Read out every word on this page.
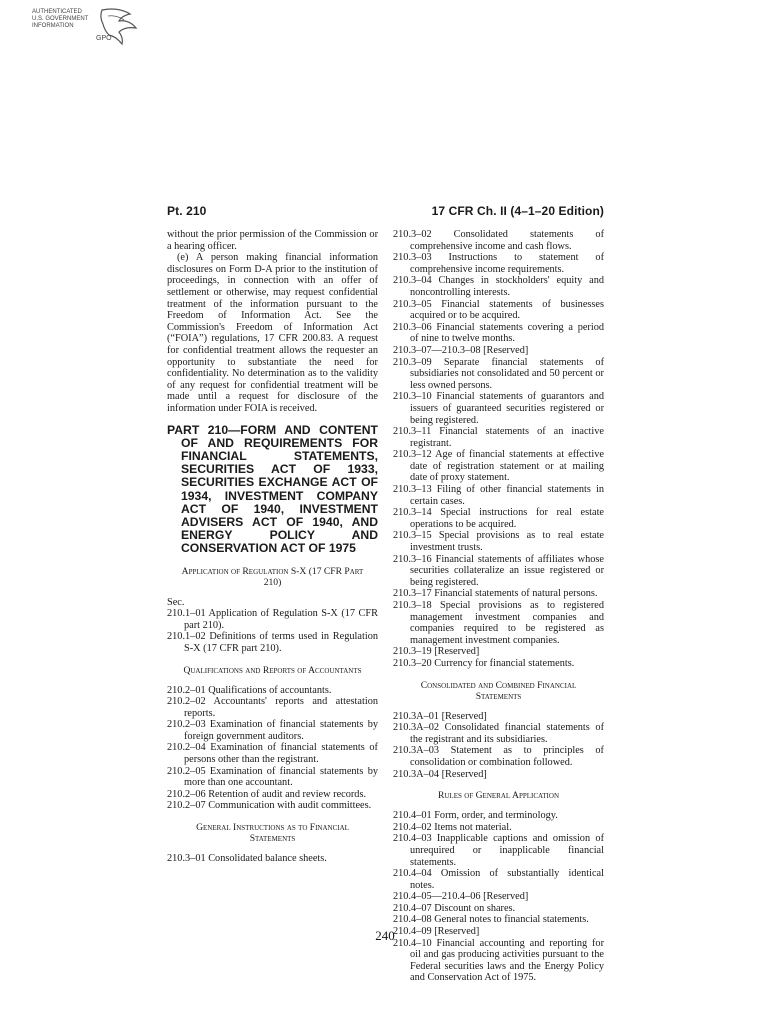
AUTHENTICATED
U.S. GOVERNMENT
INFORMATION
GPO
Pt. 210	17 CFR Ch. II (4–1–20 Edition)

without the prior permission of the Commission or a hearing officer.

(e) A person making financial information disclosures on Form D-A prior to the institution of proceedings, in connection with an offer of settlement or otherwise, may request confidential treatment of the information pursuant to the Freedom of Information Act. See the Commission's Freedom of Information Act (“FOIA”) regulations, 17 CFR 200.83. A request for confidential treatment allows the requester an opportunity to substantiate the need for confidentiality. No determination as to the validity of any request for confidential treatment will be made until a request for disclosure of the information under FOIA is received.

PART 210—FORM AND CONTENT OF AND REQUIREMENTS FOR FINANCIAL STATEMENTS, SECURITIES ACT OF 1933, SECURITIES EXCHANGE ACT OF 1934, INVESTMENT COMPANY ACT OF 1940, INVESTMENT ADVISERS ACT OF 1940, AND ENERGY POLICY AND CONSERVATION ACT OF 1975
Application of Regulation S-X (17 CFR Part 210)
Sec.
210.1–01 Application of Regulation S-X (17 CFR part 210).
210.1–02 Definitions of terms used in Regulation S-X (17 CFR part 210).
Qualifications and Reports of Accountants
210.2–01 Qualifications of accountants.
210.2–02 Accountants' reports and attestation reports.
210.2–03 Examination of financial statements by foreign government auditors.
210.2–04 Examination of financial statements of persons other than the registrant.
210.2–05 Examination of financial statements by more than one accountant.
210.2–06 Retention of audit and review records.
210.2–07 Communication with audit committees.
General Instructions as to Financial Statements
210.3–01 Consolidated balance sheets.
210.3–02 Consolidated statements of comprehensive income and cash flows.
210.3–03 Instructions to statement of comprehensive income requirements.
210.3–04 Changes in stockholders' equity and noncontrolling interests.
210.3–05 Financial statements of businesses acquired or to be acquired.
210.3–06 Financial statements covering a period of nine to twelve months.
210.3–07—210.3–08 [Reserved]
210.3–09 Separate financial statements of subsidiaries not consolidated and 50 percent or less owned persons.
210.3–10 Financial statements of guarantors and issuers of guaranteed securities registered or being registered.
210.3–11 Financial statements of an inactive registrant.
210.3–12 Age of financial statements at effective date of registration statement or at mailing date of proxy statement.
210.3–13 Filing of other financial statements in certain cases.
210.3–14 Special instructions for real estate operations to be acquired.
210.3–15 Special provisions as to real estate investment trusts.
210.3–16 Financial statements of affiliates whose securities collateralize an issue registered or being registered.
210.3–17 Financial statements of natural persons.
210.3–18 Special provisions as to registered management investment companies and companies required to be registered as management investment companies.
210.3–19 [Reserved]
210.3–20 Currency for financial statements.
Consolidated and Combined Financial Statements
210.3A–01 [Reserved]
210.3A–02 Consolidated financial statements of the registrant and its subsidiaries.
210.3A–03 Statement as to principles of consolidation or combination followed.
210.3A–04 [Reserved]
Rules of General Application
210.4–01 Form, order, and terminology.
210.4–02 Items not material.
210.4–03 Inapplicable captions and omission of unrequired or inapplicable financial statements.
210.4–04 Omission of substantially identical notes.
210.4–05—210.4–06 [Reserved]
210.4–07 Discount on shares.
210.4–08 General notes to financial statements.
210.4–09 [Reserved]
210.4–10 Financial accounting and reporting for oil and gas producing activities pursuant to the Federal securities laws and the Energy Policy and Conservation Act of 1975.
240
